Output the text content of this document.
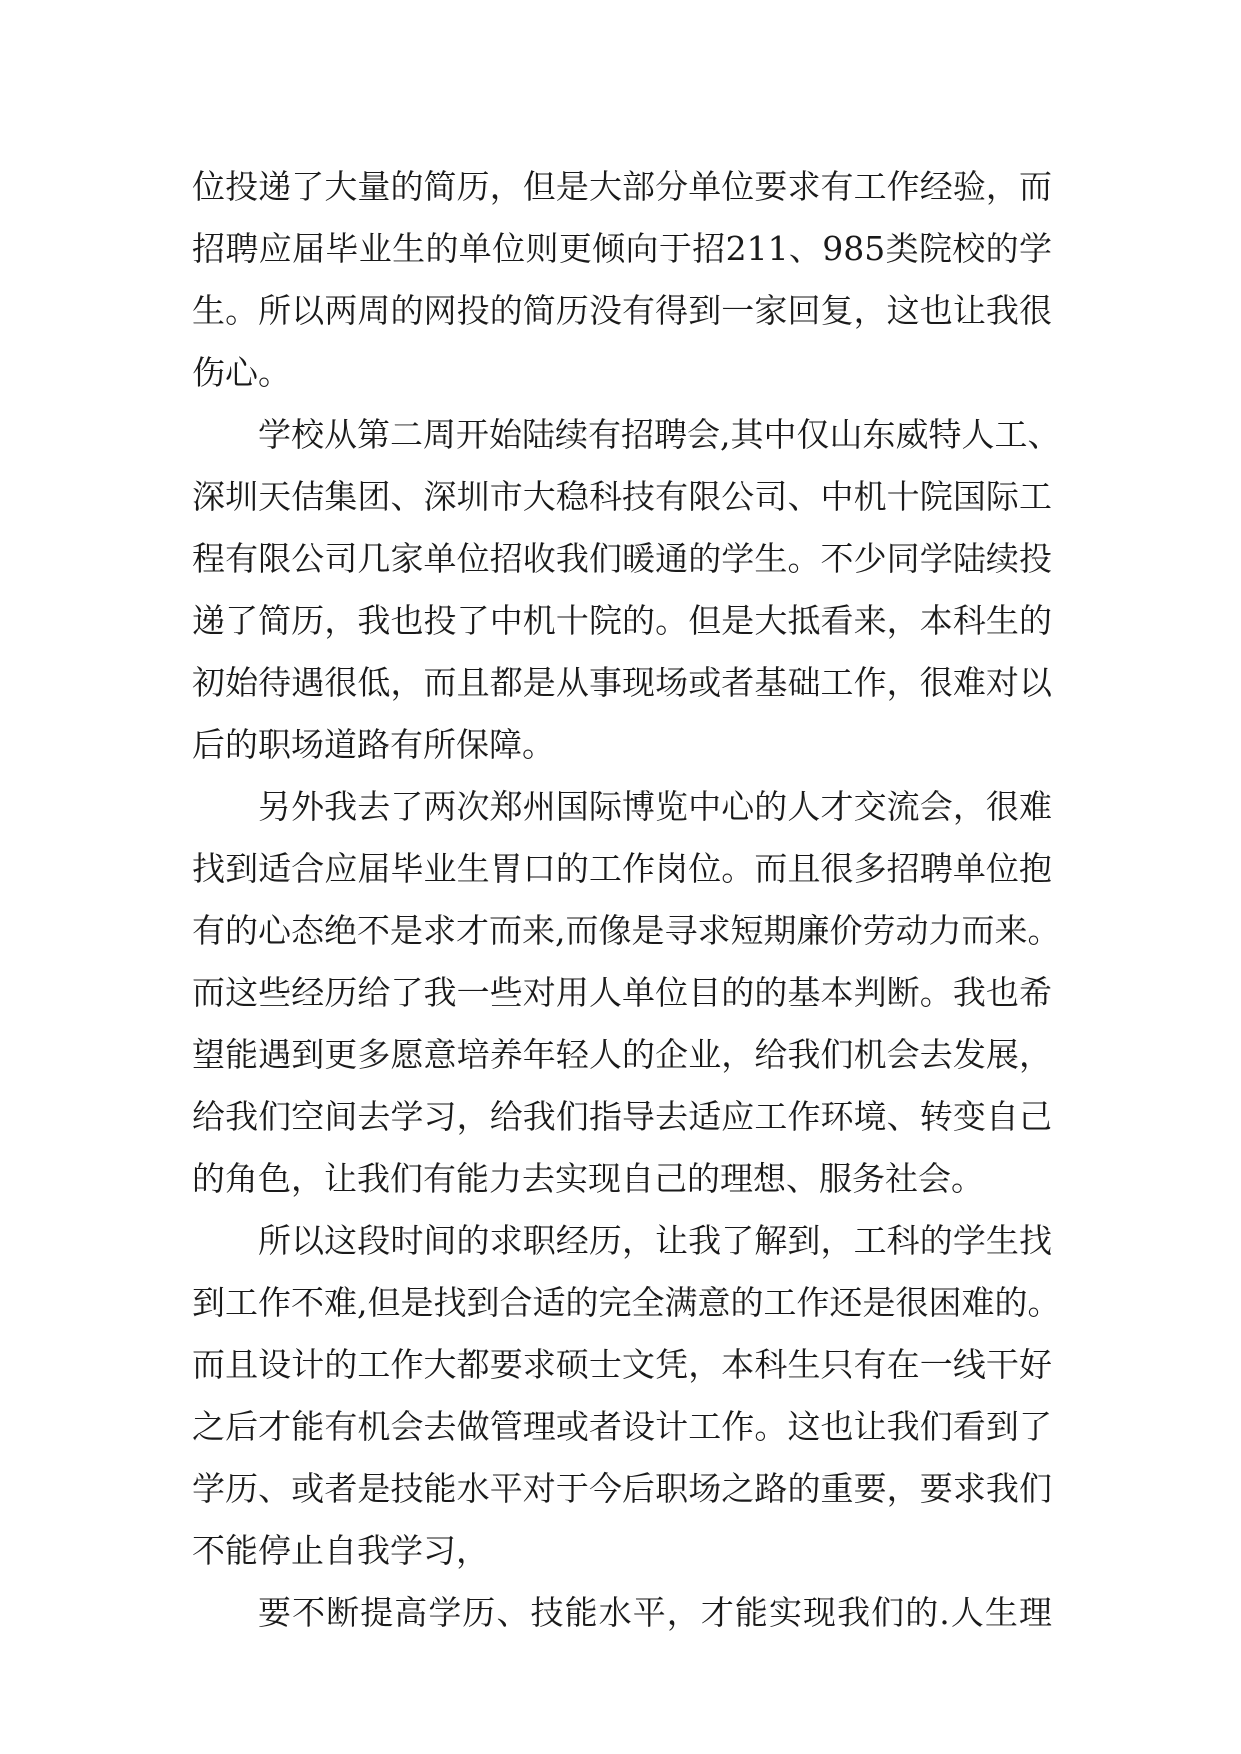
位投递了大量的简历，但是大部分单位要求有工作经验，而
招聘应届毕业生的单位则更倾向于招211、985类院校的学
生。所以两周的网投的简历没有得到一家回复，这也让我很
伤心。
学校从第二周开始陆续有招聘会,其中仅山东威特人工、
深圳天佶集团、深圳市大稳科技有限公司、中机十院国际工
程有限公司几家单位招收我们暖通的学生。不少同学陆续投
递了简历，我也投了中机十院的。但是大抵看来，本科生的
初始待遇很低，而且都是从事现场或者基础工作，很难对以
后的职场道路有所保障。
另外我去了两次郑州国际博览中心的人才交流会，很难
找到适合应届毕业生胃口的工作岗位。而且很多招聘单位抱
有的心态绝不是求才而来,而像是寻求短期廉价劳动力而来。
而这些经历给了我一些对用人单位目的的基本判断。我也希
望能遇到更多愿意培养年轻人的企业，给我们机会去发展，
给我们空间去学习，给我们指导去适应工作环境、转变自己
的角色，让我们有能力去实现自己的理想、服务社会。
所以这段时间的求职经历，让我了解到，工科的学生找
到工作不难,但是找到合适的完全满意的工作还是很困难的。
而且设计的工作大都要求硕士文凭，本科生只有在一线干好
之后才能有机会去做管理或者设计工作。这也让我们看到了
学历、或者是技能水平对于今后职场之路的重要，要求我们
不能停止自我学习，
要不断提高学历、技能水平，才能实现我们的.人生理
